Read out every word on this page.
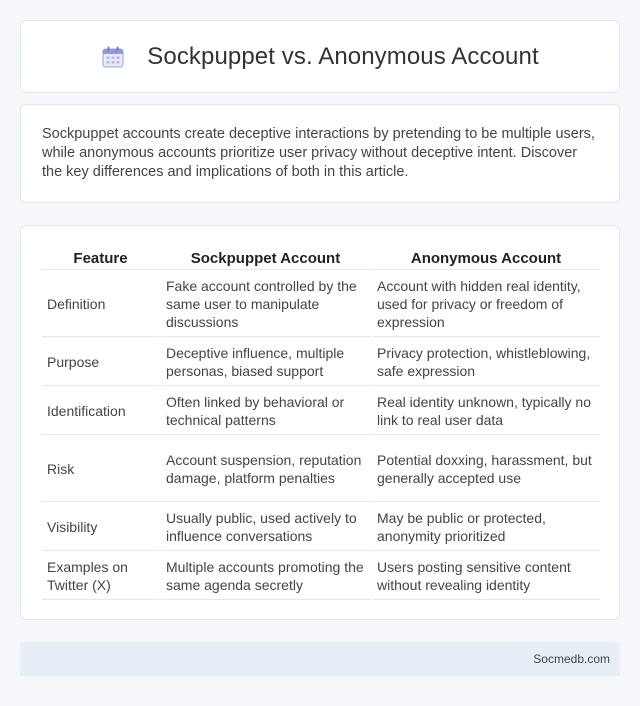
Sockpuppet vs. Anonymous Account

Sockpuppet accounts create deceptive interactions by pretending to be multiple users, while anonymous accounts prioritize user privacy without deceptive intent. Discover the key differences and implications of both in this article.

Feature	Sockpuppet Account	Anonymous Account
Definition	Fake account controlled by the same user to manipulate discussions	Account with hidden real identity, used for privacy or freedom of expression
Purpose	Deceptive influence, multiple personas, biased support	Privacy protection, whistleblowing, safe expression
Identification	Often linked by behavioral or technical patterns	Real identity unknown, typically no link to real user data
Risk	Account suspension, reputation damage, platform penalties	Potential doxxing, harassment, but generally accepted use
Visibility	Usually public, used actively to influence conversations	May be public or protected, anonymity prioritized
Examples on Twitter (X)	Multiple accounts promoting the same agenda secretly	Users posting sensitive content without revealing identity
Socmedb.com
